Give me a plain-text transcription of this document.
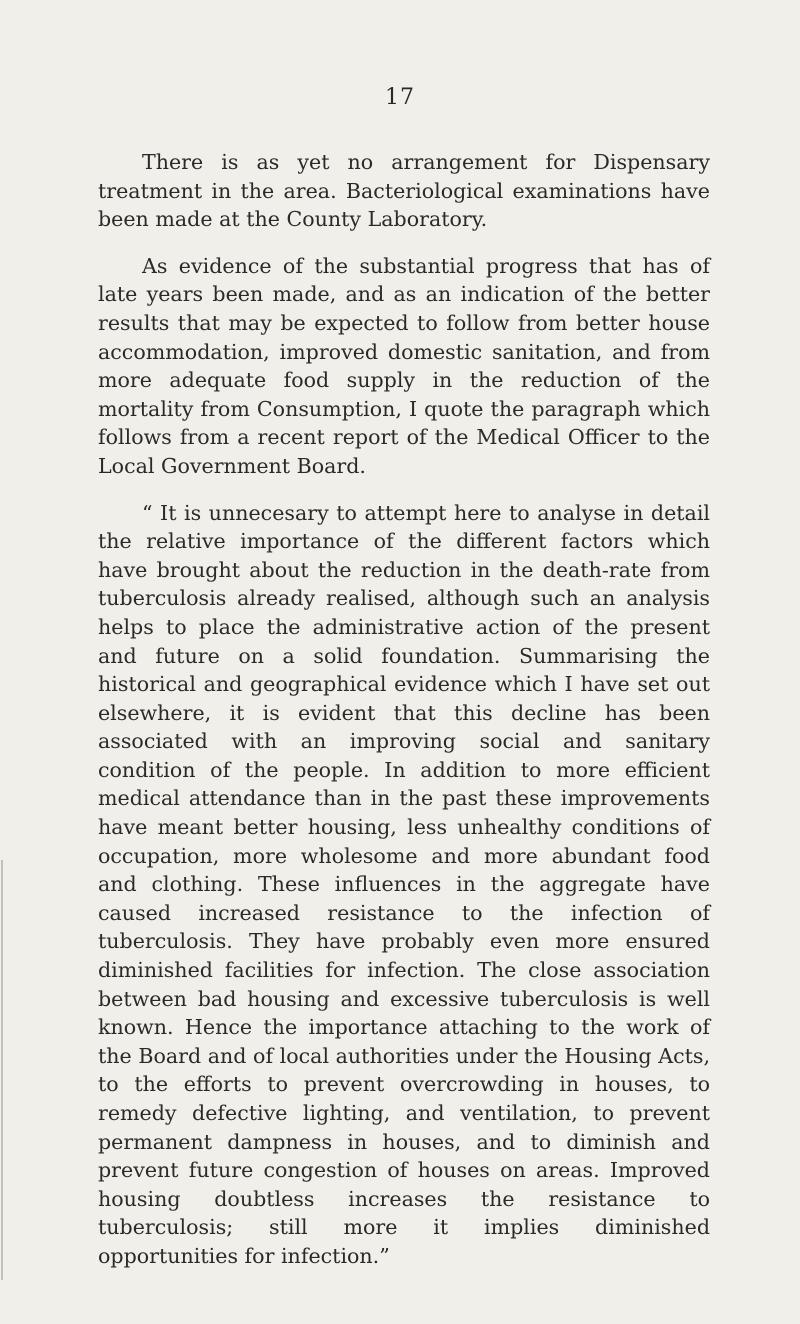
17

There is as yet no arrangement for Dispensary treatment in the area. Bacteriological examinations have been made at the County Laboratory.

As evidence of the substantial progress that has of late years been made, and as an indication of the better results that may be expected to follow from better house accommodation, improved domestic sanitation, and from more adequate food supply in the reduction of the mortality from Consumption, I quote the paragraph which follows from a recent report of the Medical Officer to the Local Government Board.

“ It is unnecesary to attempt here to analyse in detail the relative importance of the different factors which have brought about the reduction in the death-rate from tuberculosis already realised, although such an analysis helps to place the administrative action of the present and future on a solid foundation. Summarising the historical and geographical evidence which I have set out elsewhere, it is evident that this decline has been associated with an improving social and sanitary condition of the people. In addition to more efficient medical attendance than in the past these improvements have meant better housing, less unhealthy conditions of occupation, more wholesome and more abundant food and clothing. These influences in the aggregate have caused increased resistance to the infection of tuberculosis. They have probably even more ensured diminished facilities for infection. The close association between bad housing and excessive tuberculosis is well known. Hence the importance attaching to the work of the Board and of local authorities under the Housing Acts, to the efforts to prevent overcrowding in houses, to remedy defective lighting, and ventilation, to prevent permanent dampness in houses, and to diminish and prevent future congestion of houses on areas. Improved housing doubtless increases the resistance to tuberculosis; still more it implies diminished opportunities for infection.”
